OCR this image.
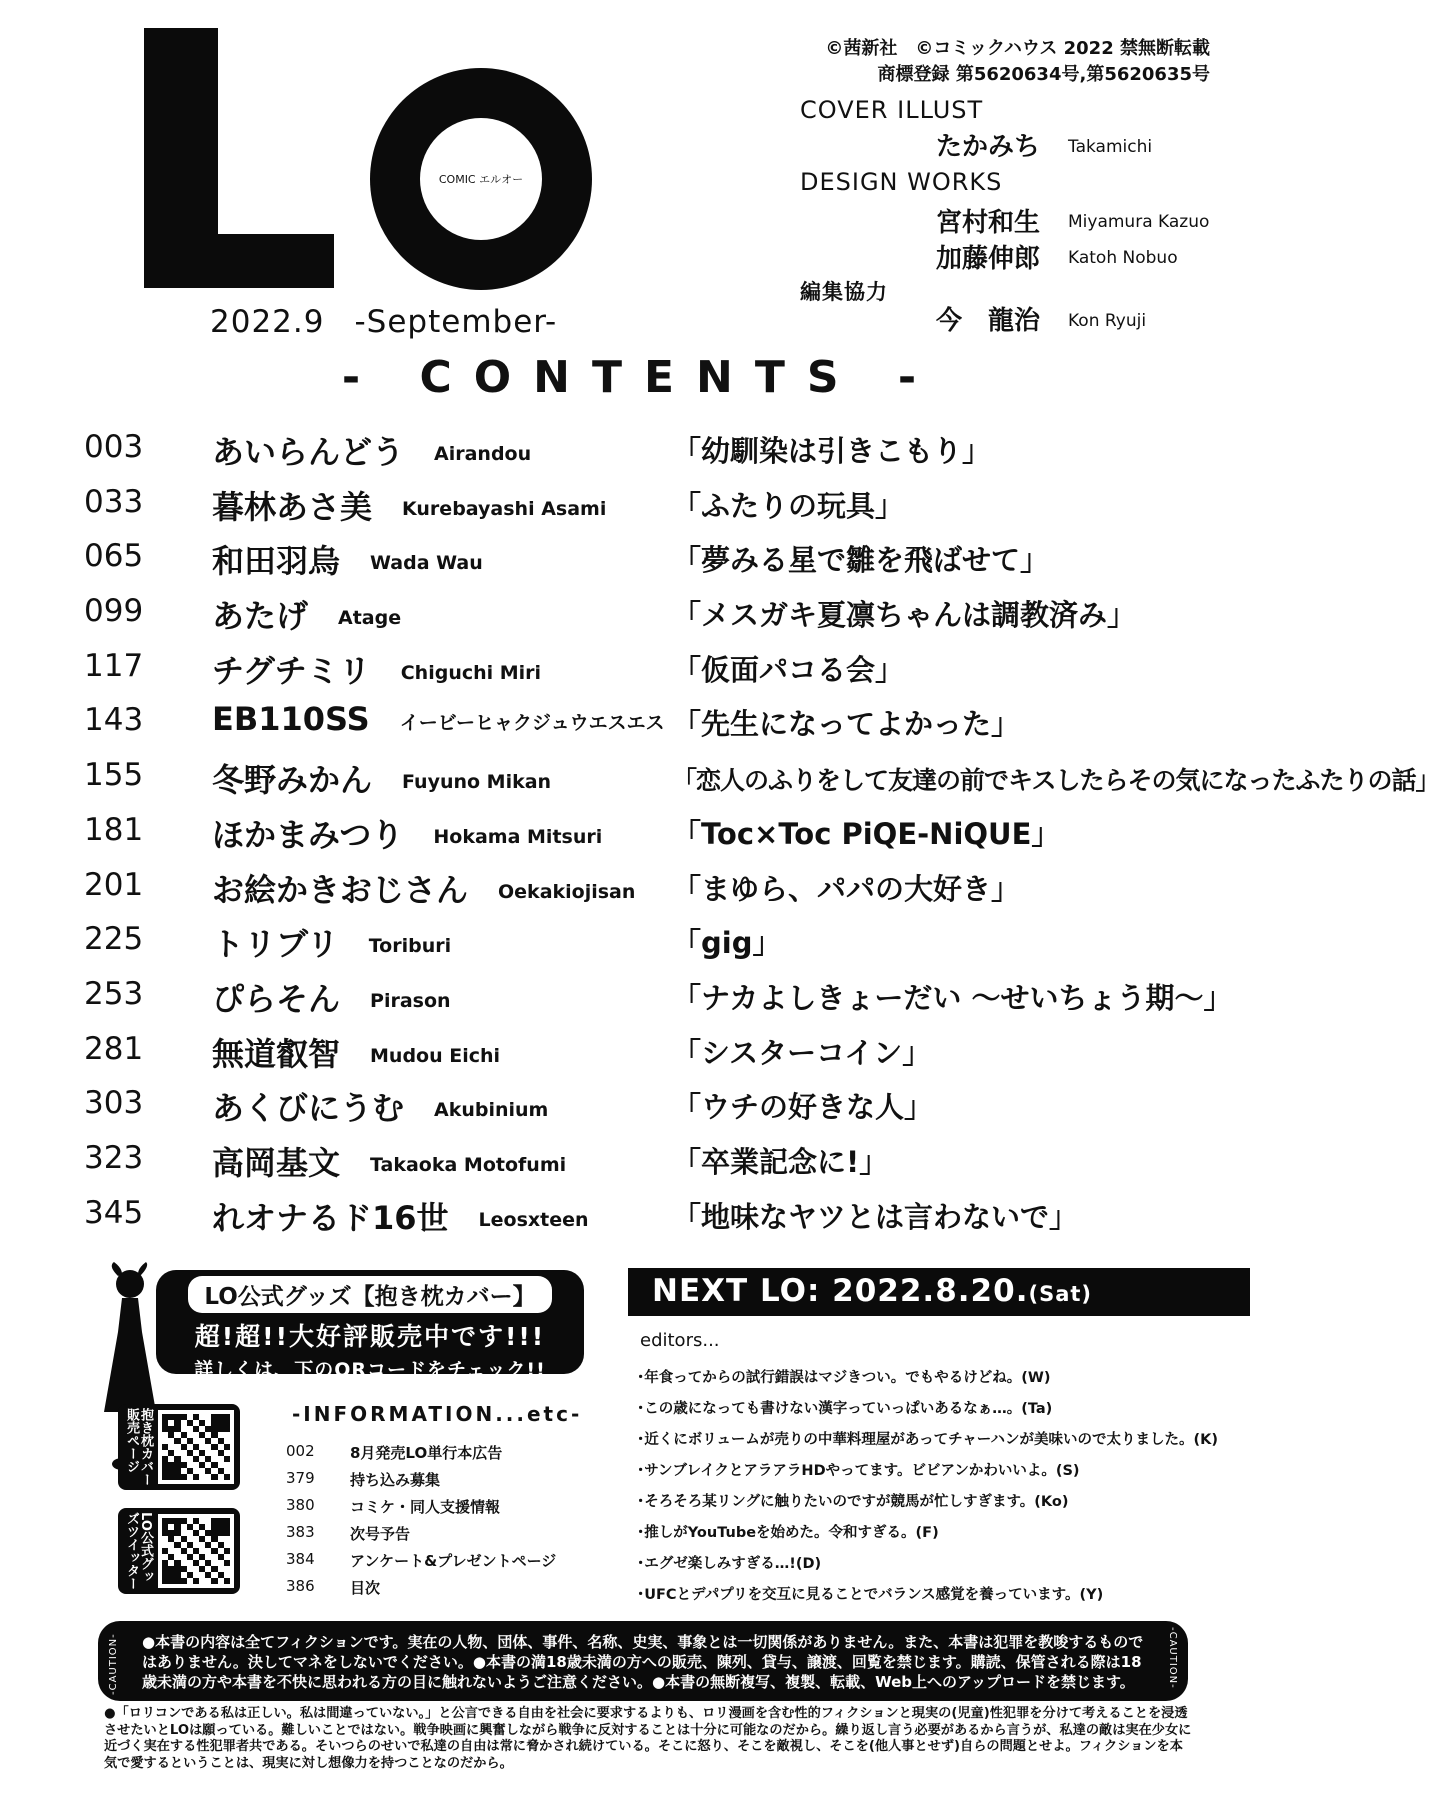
COMIC エルオー
2022.9 -September-
©茜新社　©コミックハウス 2022 禁無断転載
商標登録 第5620634号,第5620635号
COVER ILLUST
たかみち Takamichi
DESIGN WORKS
宮村和生 Miyamura Kazuo
加藤伸郎 Katoh Nobuo
編集協力
今　龍治 Kon Ryuji
- CONTENTS -
003 あいらんどう Airandou	「幼馴染は引きこもり」
033 暮林あさ美 Kurebayashi Asami 「ふたりの玩具」
065 和田羽烏 Wada Wau	「夢みる星で雛を飛ばせて」
099 あたげ Atage	「メスガキ夏凛ちゃんは調教済み」
117 チグチミリ Chiguchi Miri	「仮面パコる会」
143 EB110SS イービーヒャクジュウエスエス 「先生になってよかった」
155 冬野みかん Fuyuno Mikan	「恋人のふりをして友達の前でキスしたらその気になったふたりの話」
181 ほかまみつり Hokama Mitsuri 「Toc×Toc PiQE-NiQUE」
201 お絵かきおじさん Oekakiojisan 「まゆら、パパの大好き」
225 トリブリ Toriburi	「gig」
253 ぴらそん Pirason	「ナカよしきょーだい ～せいちょう期～」
281 無道叡智 Mudou Eichi	「シスターコイン」
303 あくびにうむ Akubinium	「ウチの好きな人」
323 高岡基文 Takaoka Motofumi	「卒業記念に!」
345 れオナるド16世 Leosxteen	「地味なヤツとは言わないで」
LO公式グッズ【抱き枕カバー】
超!超!!大好評販売中です!!!
詳しくは、下のQRコードをチェック!!
抱き枕カバー販売ページ
LO公式グッズツイッター
-INFORMATION...etc-
002 8月発売LO単行本広告
379 持ち込み募集
380 コミケ・同人支援情報
383 次号予告
384 アンケート&プレゼントページ
386 目次
NEXT LO: 2022.8.20.(Sat)
editors...
･年食ってからの試行錯誤はマジきつい。でもやるけどね。(W)
･この歳になっても書けない漢字っていっぱいあるなぁ…。(Ta)
･近くにボリュームが売りの中華料理屋があってチャーハンが美味いので太りました。(K)
･サンブレイクとアラアラHDやってます。ビビアンかわいいよ。(S)
･そろそろ某リングに触りたいのですが競馬が忙しすぎます。(Ko)
･推しがYouTubeを始めた。令和すぎる。(F)
･エグゼ楽しみすぎる…!(D)
･UFCとデパプリを交互に見ることでバランス感覚を養っています。(Y)
-CAUTION- ●本書の内容は全てフィクションです。実在の人物、団体、事件、名称、史実、事象とは一切関係がありません。また、本書は犯罪を教唆するものではありません。決してマネをしないでください。●本書の満18歳未満の方への販売、陳列、貸与、譲渡、回覧を禁じます。購読、保管される際は18歳未満の方や本書を不快に思われる方の目に触れないようご注意ください。●本書の無断複写、複製、転載、Web上へのアップロードを禁じます。	-CAUTION-
●「ロリコンである私は正しい。私は間違っていない。」と公言できる自由を社会に要求するよりも、ロリ漫画を含む性的フィクションと現実の(児童)性犯罪を分けて考えることを浸透させたいとLOは願っている。難しいことではない。戦争映画に興奮しながら戦争に反対することは十分に可能なのだから。繰り返し言う必要があるから言うが、私達の敵は実在少女に近づく実在する性犯罪者共である。そいつらのせいで私達の自由は常に脅かされ続けている。そこに怒り、そこを敵視し、そこを(他人事とせず)自らの問題とせよ。フィクションを本気で愛するということは、現実に対し想像力を持つことなのだから。
